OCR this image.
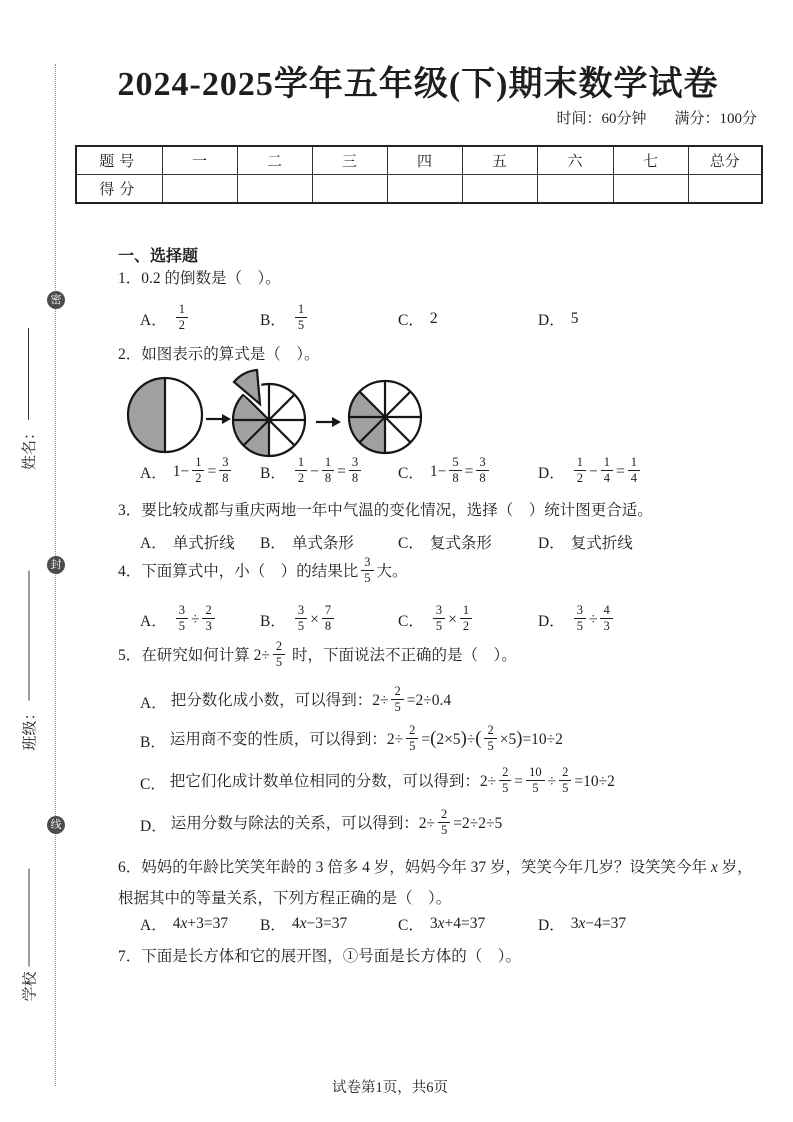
密
封
线
姓名：
班级：
学校
2024-2025学年五年级(下)期末数学试卷
时间：60分钟 满分：100分
题号	一	二	三	四	五	六	七	总分
得分								
一、选择题
1．0.2 的倒数是（　）。
A． $\frac{1}{2}$	B． $\frac{1}{5}$	C． 2	D． 5
2．如图表示的算式是（　）。
A． $1- \frac{1}{2} = \frac{3}{8}$ B． $\frac{1}{2} - \frac{1}{8} = \frac{3}{8}$ C． $1- \frac{5}{8} = \frac{3}{8}$	D． $\frac{1}{2} - \frac{1}{4} = \frac{1}{4}$
3．要比较成都与重庆两地一年中气温的变化情况，选择（　）统计图更合适。
A． 单式折线 B． 单式条形	C． 复式条形	D． 复式折线
4．下面算式中，小（　）的结果比 $\frac{3}{5}$ 大。
A． $\frac{3}{5} \div \frac{2}{3}$	B． $\frac{3}{5} \times \frac{7}{8}$	C． $\frac{3}{5} \times \frac{1}{2}$	D． $\frac{3}{5} \div \frac{4}{3}$
5．在研究如何计算 $2\div \frac{2}{5}$ 时，下面说法不正确的是（　）。
A． 把分数化成小数，可以得到：$2\div \frac{2}{5} =2\div 0.4$
B． 运用商不变的性质，可以得到：$2\div \frac{2}{5} =(2\times 5)\div( \frac{2}{5} \times 5)=10\div 2$
C． 把它们化成计数单位相同的分数，可以得到：$2\div \frac{2}{5} = \frac{10}{5} \div \frac{2}{5} =10\div 2$
D． 运用分数与除法的关系，可以得到：$2\div \frac{2}{5} =2\div 2\div 5$
6．妈妈的年龄比笑笑年龄的 3 倍多 4 岁，妈妈今年 37 岁，笑笑今年几岁？设笑笑今年 x 岁，根据其中的等量关系，下列方程正确的是（　）。
A． 4x+3=37 B． 4x−3=37	C． 3x+4=37	D． 3x−4=37
7．下面是长方体和它的展开图，①号面是长方体的（　）。
试卷第1页，共6页
